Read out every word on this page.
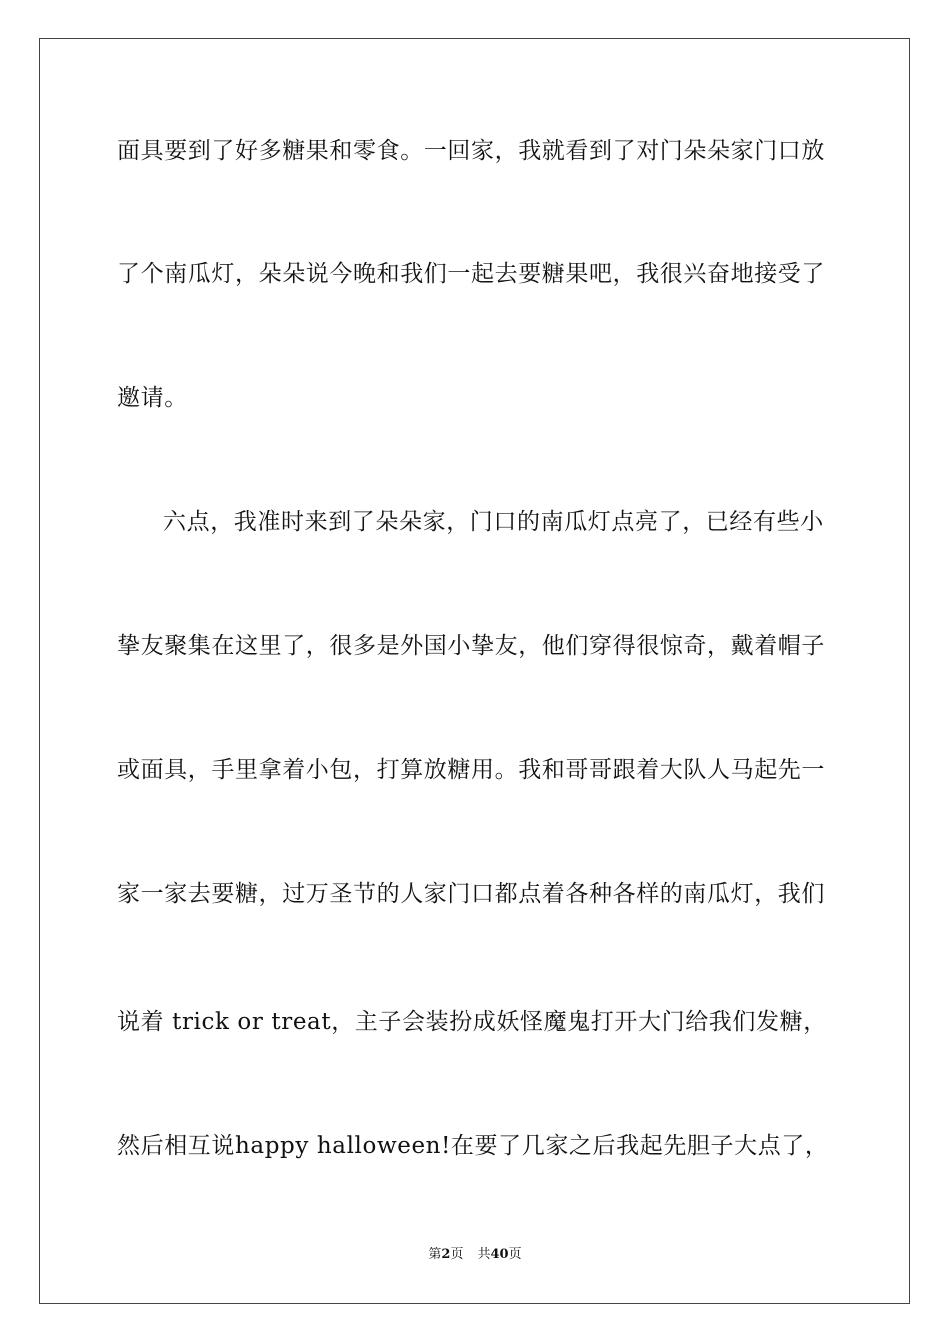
面具要到了好多糖果和零食。一回家，我就看到了对门朵朵家门口放
了个南瓜灯，朵朵说今晚和我们一起去要糖果吧，我很兴奋地接受了
邀请。
六点，我准时来到了朵朵家，门口的南瓜灯点亮了，已经有些小
挚友聚集在这里了，很多是外国小挚友，他们穿得很惊奇，戴着帽子
或面具，手里拿着小包，打算放糖用。我和哥哥跟着大队人马起先一
家一家去要糖，过万圣节的人家门口都点着各种各样的南瓜灯，我们
说着 trick or treat，主子会装扮成妖怪魔鬼打开大门给我们发糖，
然后相互说happy halloween!在要了几家之后我起先胆子大点了，
第2页 共40页
